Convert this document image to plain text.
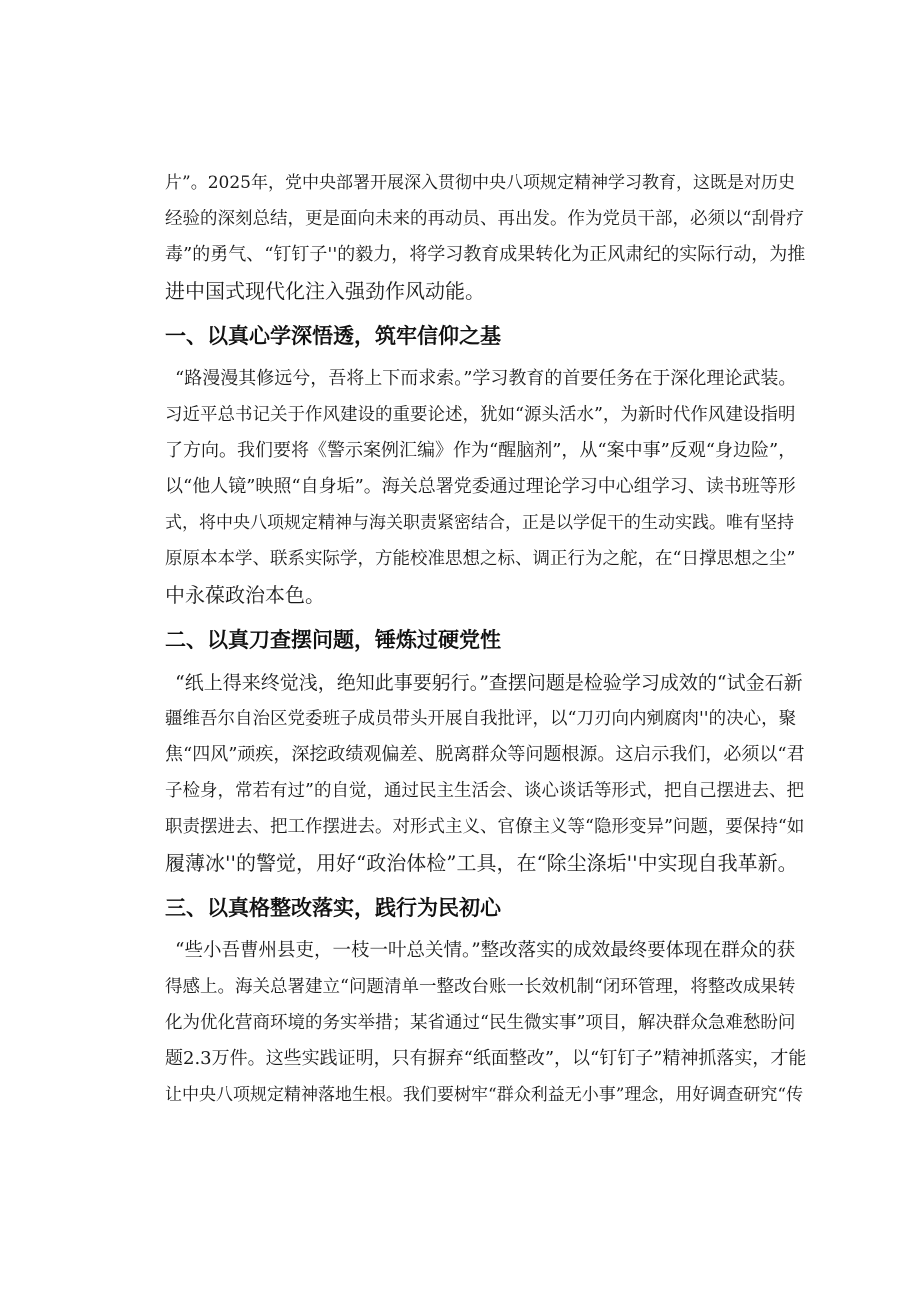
片”。2025年，党中央部署开展深入贯彻中央八项规定精神学习教育，这既是对历史
经验的深刻总结，更是面向未来的再动员、再出发。作为党员干部，必须以“刮骨疗
毒”的勇气、“钉钉子''的毅力，将学习教育成果转化为正风肃纪的实际行动，为推
进中国式现代化注入强劲作风动能。
一、以真心学深悟透，筑牢信仰之基
“路漫漫其修远兮，吾将上下而求索。”学习教育的首要任务在于深化理论武装。
习近平总书记关于作风建设的重要论述，犹如“源头活水”，为新时代作风建设指明
了方向。我们要将《警示案例汇编》作为“醒脑剂”，从“案中事”反观“身边险”，
以“他人镜”映照“自身垢”。海关总署党委通过理论学习中心组学习、读书班等形
式，将中央八项规定精神与海关职责紧密结合，正是以学促干的生动实践。唯有坚持
原原本本学、联系实际学，方能校准思想之标、调正行为之舵，在“日撑思想之尘”
中永葆政治本色。
二、以真刀查摆问题，锤炼过硬党性
“纸上得来终觉浅，绝知此事要躬行。”查摆问题是检验学习成效的“试金石新
疆维吾尔自治区党委班子成员带头开展自我批评，以“刀刃向内剜腐肉''的决心，聚
焦“四风”顽疾，深挖政绩观偏差、脱离群众等问题根源。这启示我们，必须以“君
子检身，常若有过”的自觉，通过民主生活会、谈心谈话等形式，把自己摆进去、把
职责摆进去、把工作摆进去。对形式主义、官僚主义等“隐形变异”问题，要保持“如
履薄冰''的警觉，用好“政治体检”工具，在“除尘涤垢''中实现自我革新。
三、以真格整改落实，践行为民初心
“些小吾曹州县吏，一枝一叶总关情。”整改落实的成效最终要体现在群众的获
得感上。海关总署建立“问题清单一整改台账一长效机制“闭环管理，将整改成果转
化为优化营商环境的务实举措；某省通过“民生微实事”项目，解决群众急难愁盼问
题2.3万件。这些实践证明，只有摒弃“纸面整改”，以“钉钉子”精神抓落实，才能
让中央八项规定精神落地生根。我们要树牢“群众利益无小事”理念，用好调查研究“传
